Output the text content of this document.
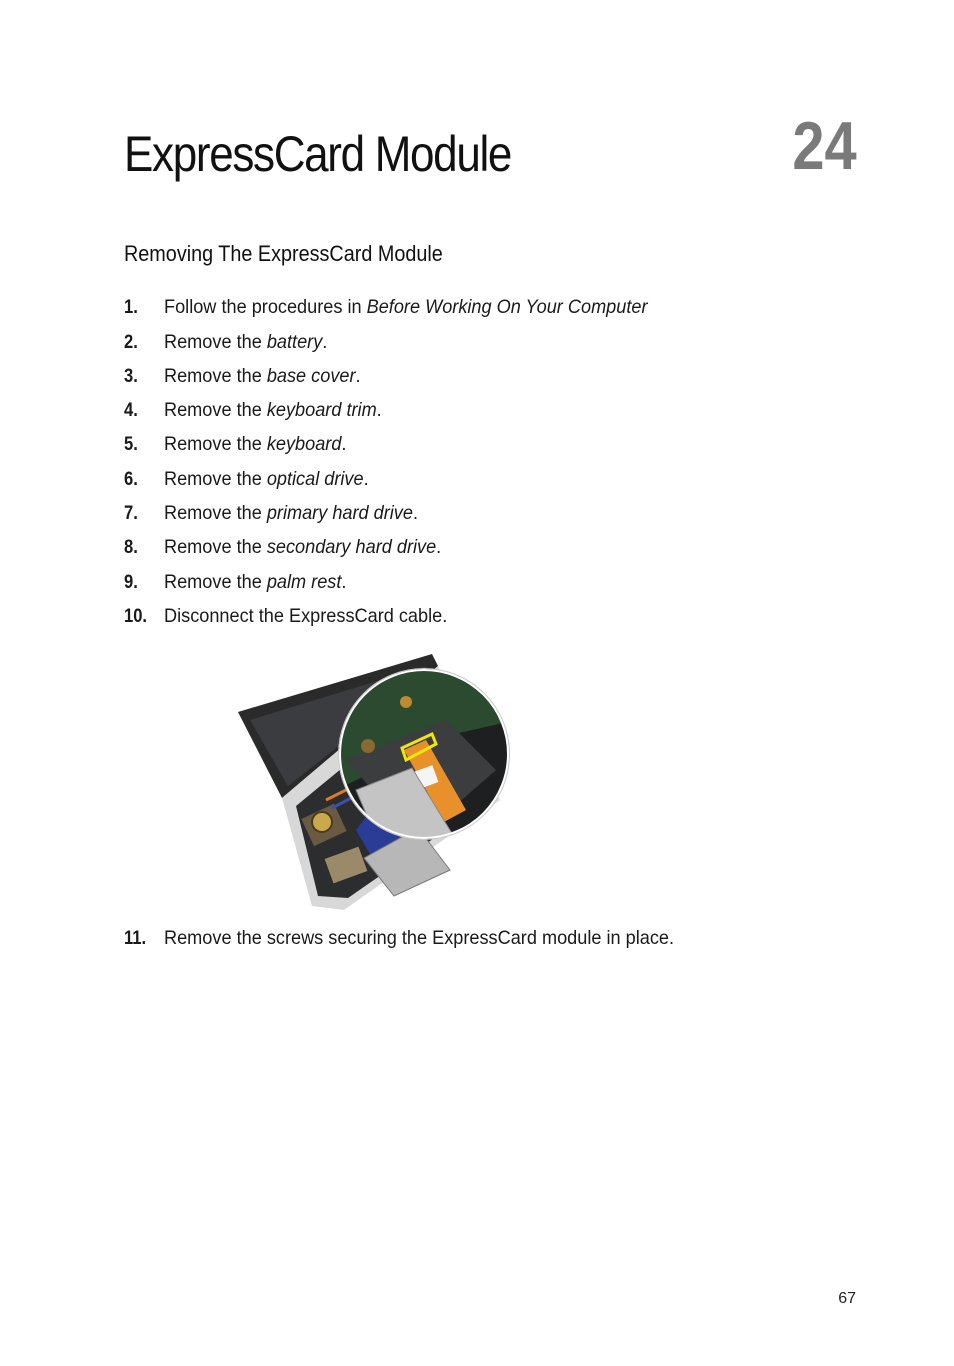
ExpressCard Module	24
Removing The ExpressCard Module
1.	Follow the procedures in Before Working On Your Computer
2.	Remove the battery.
3.	Remove the base cover.
4.	Remove the keyboard trim.
5.	Remove the keyboard.
6.	Remove the optical drive.
7.	Remove the primary hard drive.
8.	Remove the secondary hard drive.
9.	Remove the palm rest.
10. Disconnect the ExpressCard cable.
11. Remove the screws securing the ExpressCard module in place.
67
